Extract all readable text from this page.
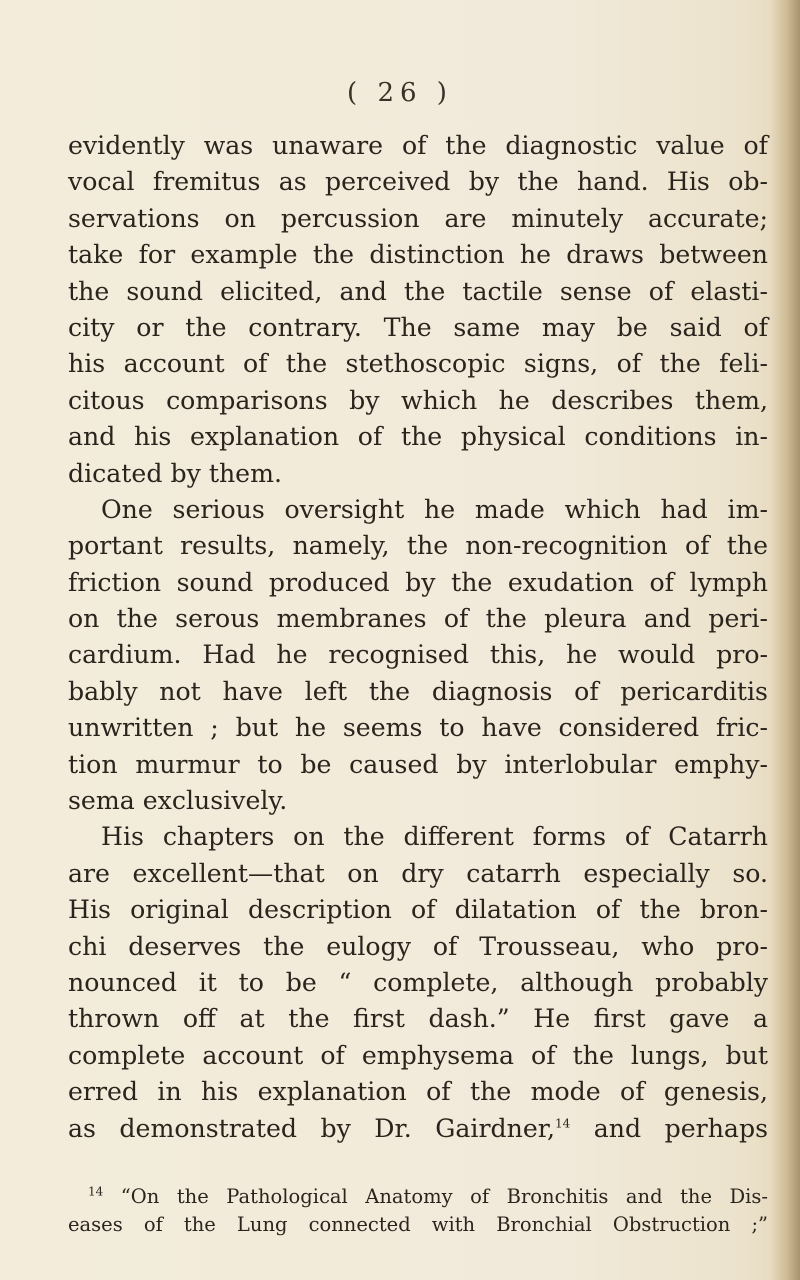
( 26 )
evidently was unaware of the diagnostic value of
vocal fremitus as perceived by the hand. His ob-
servations on percussion are minutely accurate;
take for example the distinction he draws between
the sound elicited, and the tactile sense of elasti-
city or the contrary. The same may be said of
his account of the stethoscopic signs, of the feli-
citous comparisons by which he describes them,
and his explanation of the physical conditions in-
dicated by them.
One serious oversight he made which had im-
portant results, namely, the non-recognition of the
friction sound produced by the exudation of lymph
on the serous membranes of the pleura and peri-
cardium. Had he recognised this, he would pro-
bably not have left the diagnosis of pericarditis
unwritten ; but he seems to have considered fric-
tion murmur to be caused by interlobular emphy-
sema exclusively.
His chapters on the different forms of Catarrh
are excellent—that on dry catarrh especially so.
His original description of dilatation of the bron-
chi deserves the eulogy of Trousseau, who pro-
nounced it to be “ complete, although probably
thrown off at the first dash.” He first gave a
complete account of emphysema of the lungs, but
erred in his explanation of the mode of genesis,
as demonstrated by Dr. Gairdner,$^{14}$ and perhaps
$^{14}$ “On the Pathological Anatomy of Bronchitis and the Dis-
eases of the Lung connected with Bronchial Obstruction ;”
